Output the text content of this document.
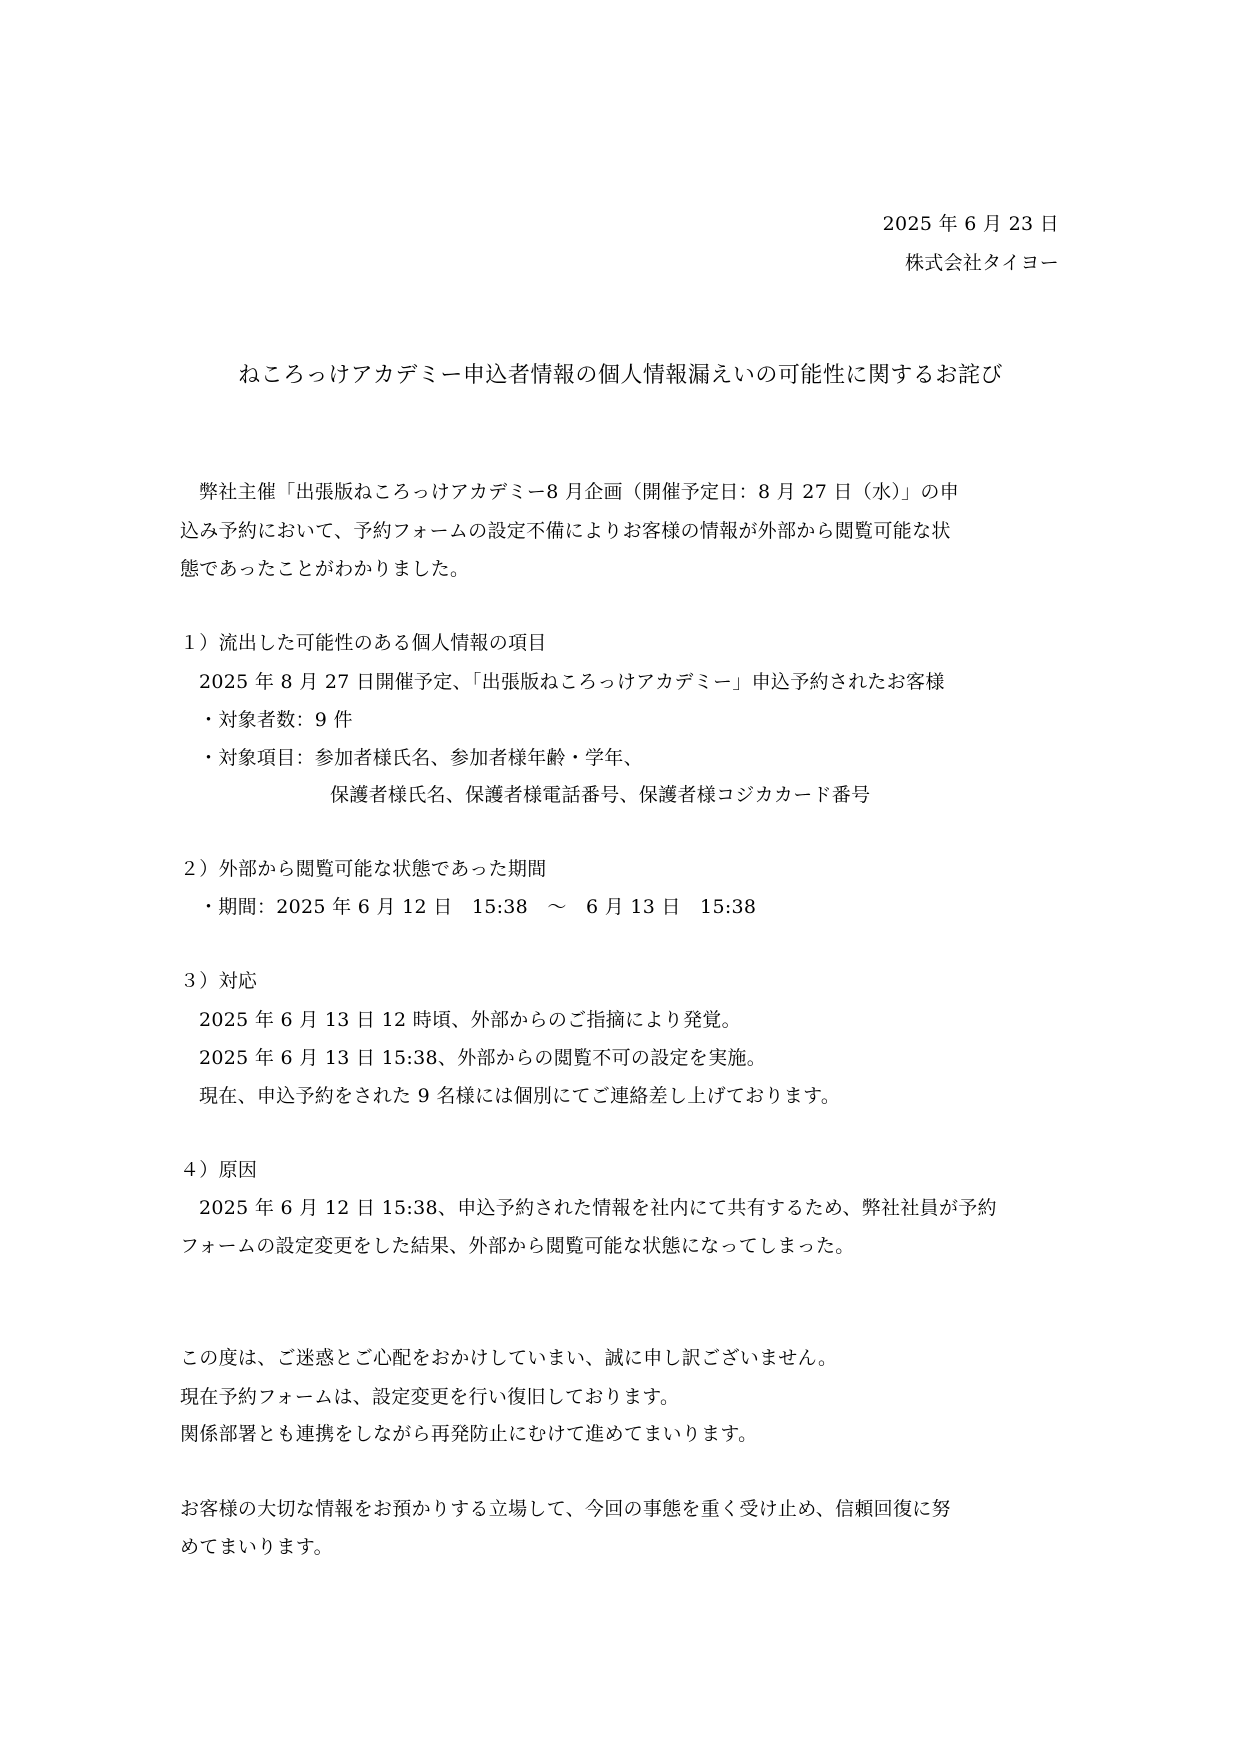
2025 年 6 月 23 日
株式会社タイヨー
ねころっけアカデミー申込者情報の個人情報漏えいの可能性に関するお詫び
弊社主催「出張版ねころっけアカデミー8 月企画（開催予定日：8 月 27 日（水）」の申
込み予約において、予約フォームの設定不備によりお客様の情報が外部から閲覧可能な状
態であったことがわかりました。
１）流出した可能性のある個人情報の項目
2025 年 8 月 27 日開催予定、「出張版ねころっけアカデミー」申込予約されたお客様
・対象者数：9 件
・対象項目：参加者様氏名、参加者様年齢・学年、
保護者様氏名、保護者様電話番号、保護者様コジカカード番号
２）外部から閲覧可能な状態であった期間
・期間：2025 年 6 月 12 日　15:38　～　6 月 13 日　15:38
３）対応
2025 年 6 月 13 日 12 時頃、外部からのご指摘により発覚。
2025 年 6 月 13 日 15:38、外部からの閲覧不可の設定を実施。
現在、申込予約をされた 9 名様には個別にてご連絡差し上げております。
４）原因
2025 年 6 月 12 日 15:38、申込予約された情報を社内にて共有するため、弊社社員が予約
フォームの設定変更をした結果、外部から閲覧可能な状態になってしまった。
この度は、ご迷惑とご心配をおかけしていまい、誠に申し訳ございません。
現在予約フォームは、設定変更を行い復旧しております。
関係部署とも連携をしながら再発防止にむけて進めてまいります。
お客様の大切な情報をお預かりする立場して、今回の事態を重く受け止め、信頼回復に努
めてまいります。
